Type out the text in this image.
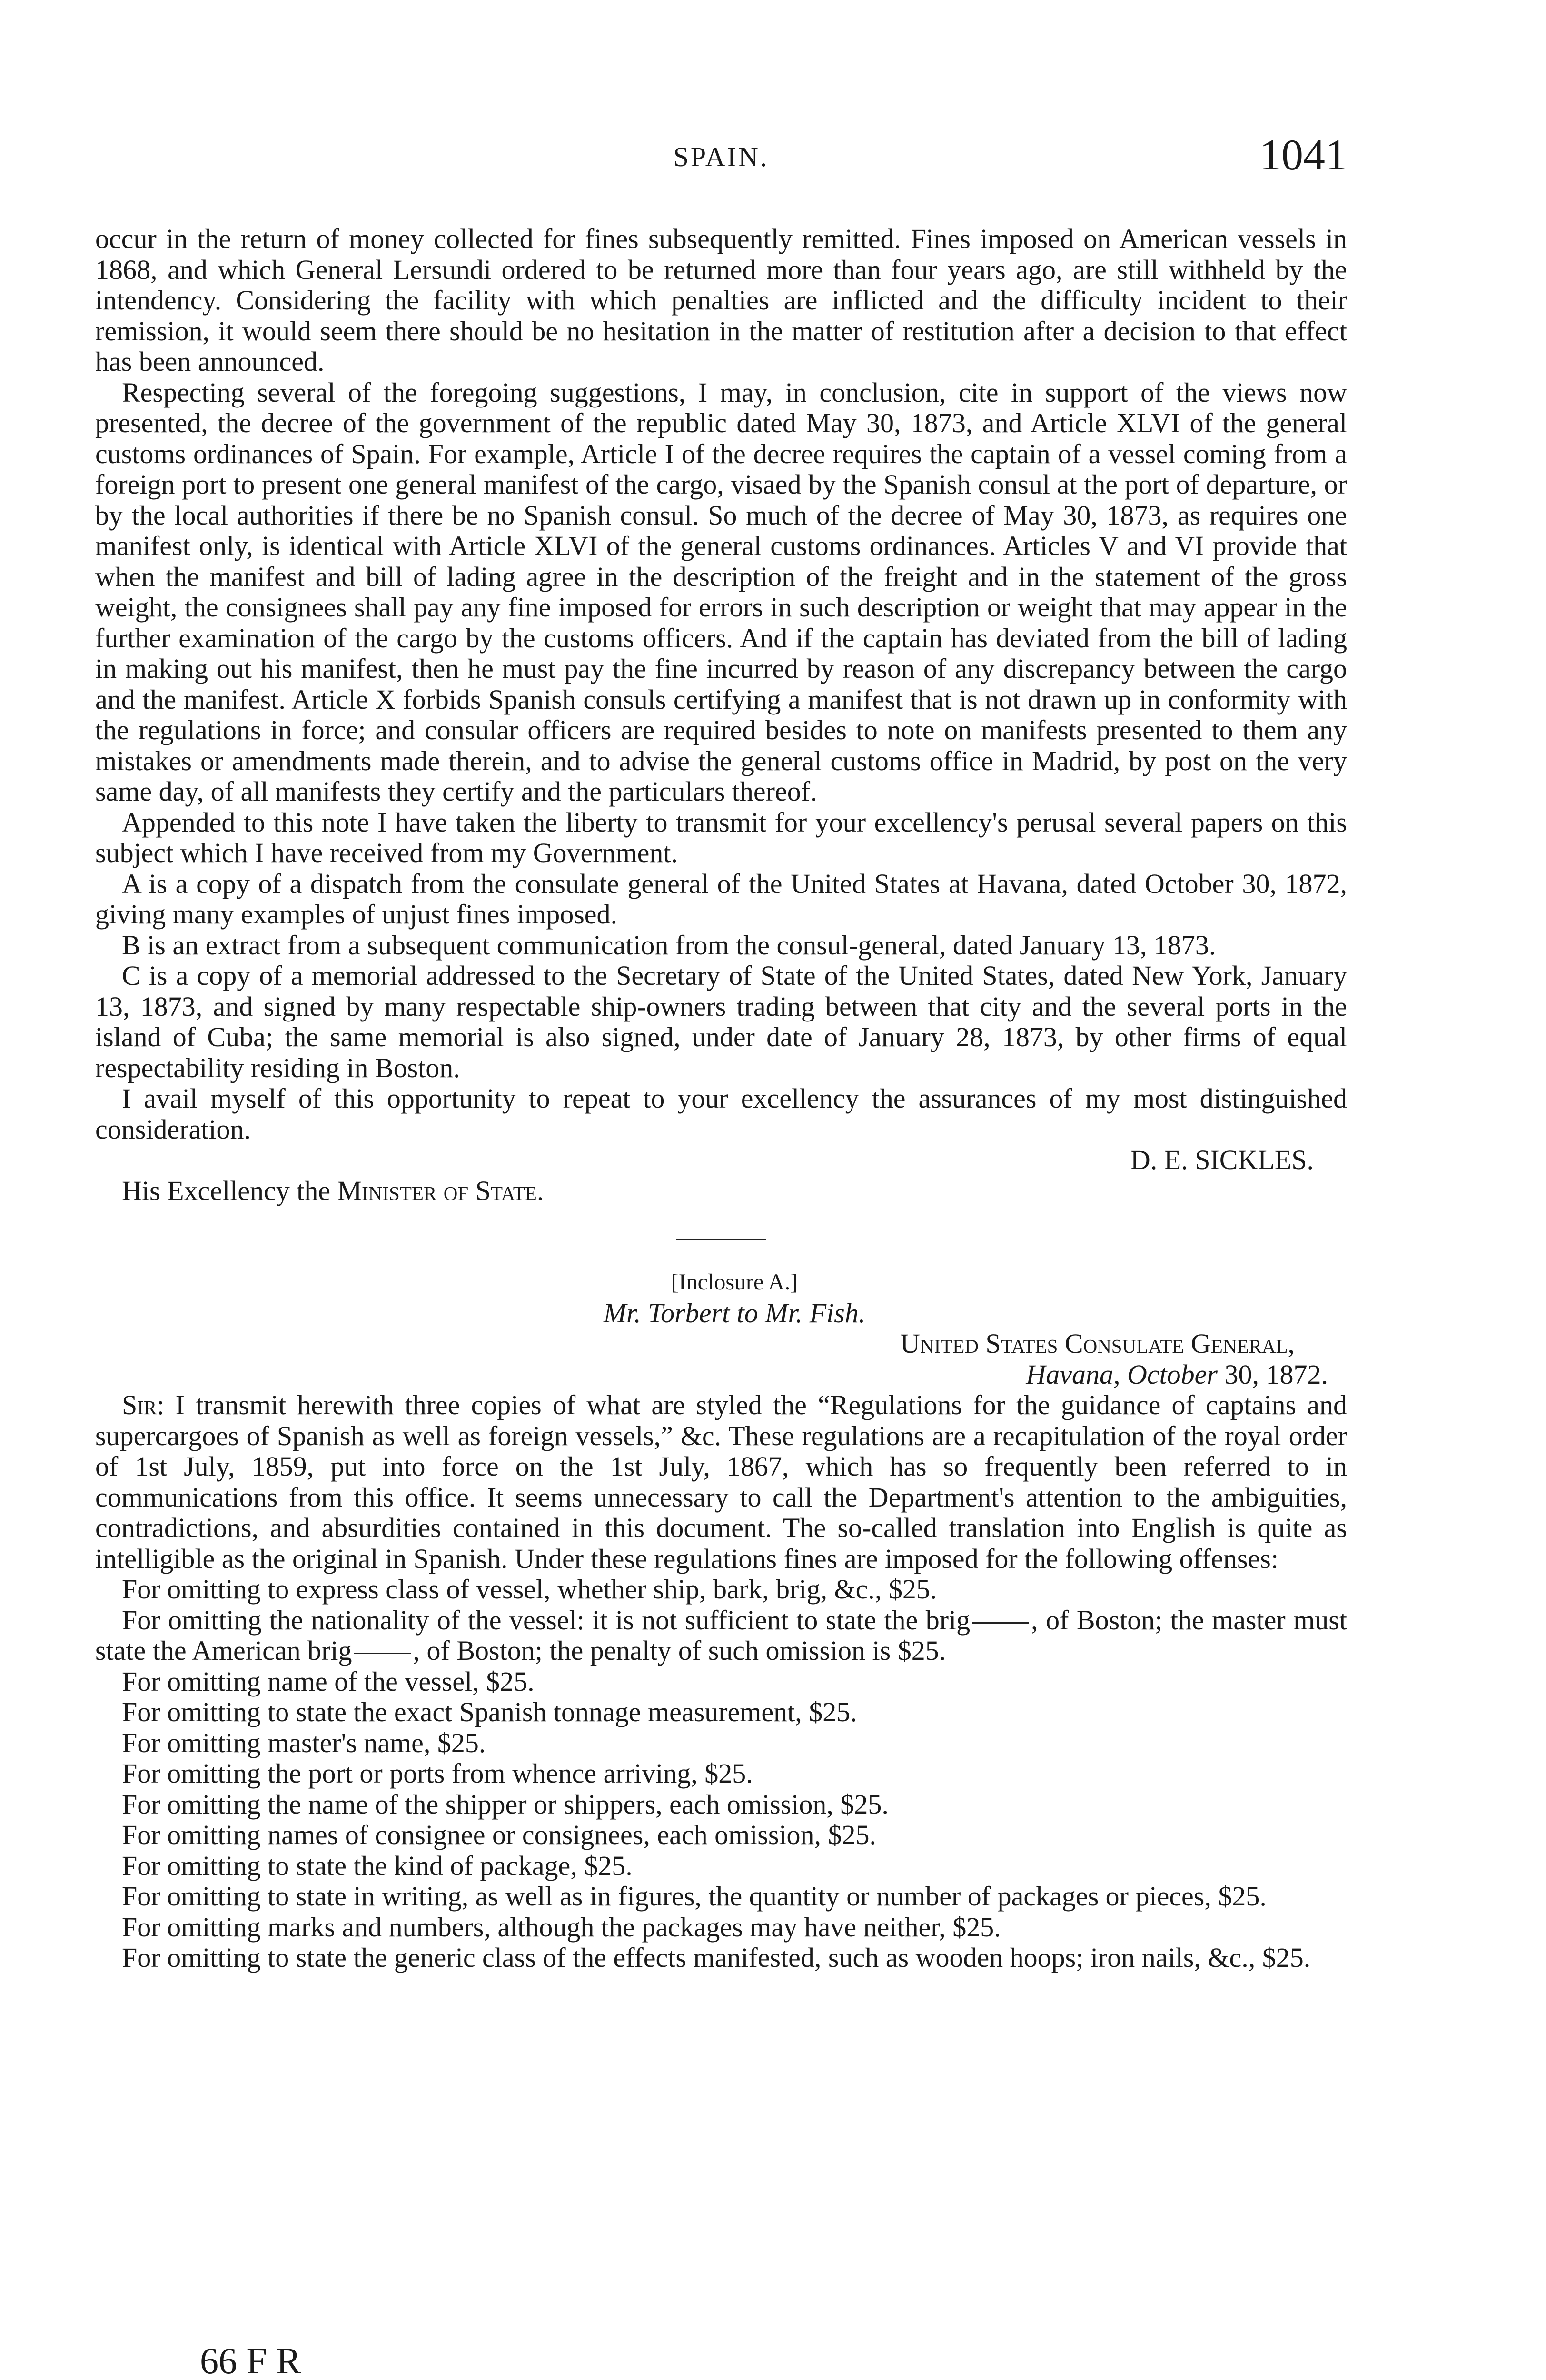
SPAIN.	1041

occur in the return of money collected for fines subsequently remitted. Fines imposed on American vessels in 1868, and which General Lersundi ordered to be returned more than four years ago, are still withheld by the intendency. Considering the facility with which penalties are inflicted and the difficulty incident to their remission, it would seem there should be no hesitation in the matter of restitution after a decision to that effect has been announced.

Respecting several of the foregoing suggestions, I may, in conclusion, cite in support of the views now presented, the decree of the government of the republic dated May 30, 1873, and Article XLVI of the general customs ordinances of Spain. For example, Article I of the decree requires the captain of a vessel coming from a foreign port to present one general manifest of the cargo, visaed by the Spanish consul at the port of departure, or by the local authorities if there be no Spanish consul. So much of the decree of May 30, 1873, as requires one manifest only, is identical with Article XLVI of the general customs ordinances. Articles V and VI provide that when the manifest and bill of lading agree in the description of the freight and in the statement of the gross weight, the consignees shall pay any fine imposed for errors in such description or weight that may appear in the further examination of the cargo by the customs officers. And if the captain has deviated from the bill of lading in making out his manifest, then he must pay the fine incurred by reason of any discrepancy between the cargo and the manifest. Article X forbids Spanish consuls certifying a manifest that is not drawn up in conformity with the regulations in force; and consular officers are required besides to note on manifests presented to them any mistakes or amendments made therein, and to advise the general customs office in Madrid, by post on the very same day, of all manifests they certify and the particulars thereof.

Appended to this note I have taken the liberty to transmit for your excellency's perusal several papers on this subject which I have received from my Government.

A is a copy of a dispatch from the consulate general of the United States at Havana, dated October 30, 1872, giving many examples of unjust fines imposed.

B is an extract from a subsequent communication from the consul-general, dated January 13, 1873.

C is a copy of a memorial addressed to the Secretary of State of the United States, dated New York, January 13, 1873, and signed by many respectable ship-owners trading between that city and the several ports in the island of Cuba; the same memorial is also signed, under date of January 28, 1873, by other firms of equal respectability residing in Boston.

I avail myself of this opportunity to repeat to your excellency the assurances of my most distinguished consideration.

D. E. SICKLES.

His Excellency the Minister of State.

[Inclosure A.]

Mr. Torbert to Mr. Fish.

United States Consulate General,

Havana, October 30, 1872.

Sir: I transmit herewith three copies of what are styled the “Regulations for the guidance of captains and supercargoes of Spanish as well as foreign vessels,” &c. These regulations are a recapitulation of the royal order of 1st July, 1859, put into force on the 1st July, 1867, which has so frequently been referred to in communications from this office. It seems unnecessary to call the Department's attention to the ambiguities, contradictions, and absurdities contained in this document. The so-called translation into English is quite as intelligible as the original in Spanish. Under these regulations fines are imposed for the following offenses:

For omitting to express class of vessel, whether ship, bark, brig, &c., $25.

For omitting the nationality of the vessel: it is not sufficient to state the brig , of Boston; the master must state the American brig , of Boston; the penalty of such omission is $25.

For omitting name of the vessel, $25.

For omitting to state the exact Spanish tonnage measurement, $25.

For omitting master's name, $25.

For omitting the port or ports from whence arriving, $25.

For omitting the name of the shipper or shippers, each omission, $25.

For omitting names of consignee or consignees, each omission, $25.

For omitting to state the kind of package, $25.

For omitting to state in writing, as well as in figures, the quantity or number of packages or pieces, $25.

For omitting marks and numbers, although the packages may have neither, $25.

For omitting to state the generic class of the effects manifested, such as wooden hoops; iron nails, &c., $25.

66 F R
